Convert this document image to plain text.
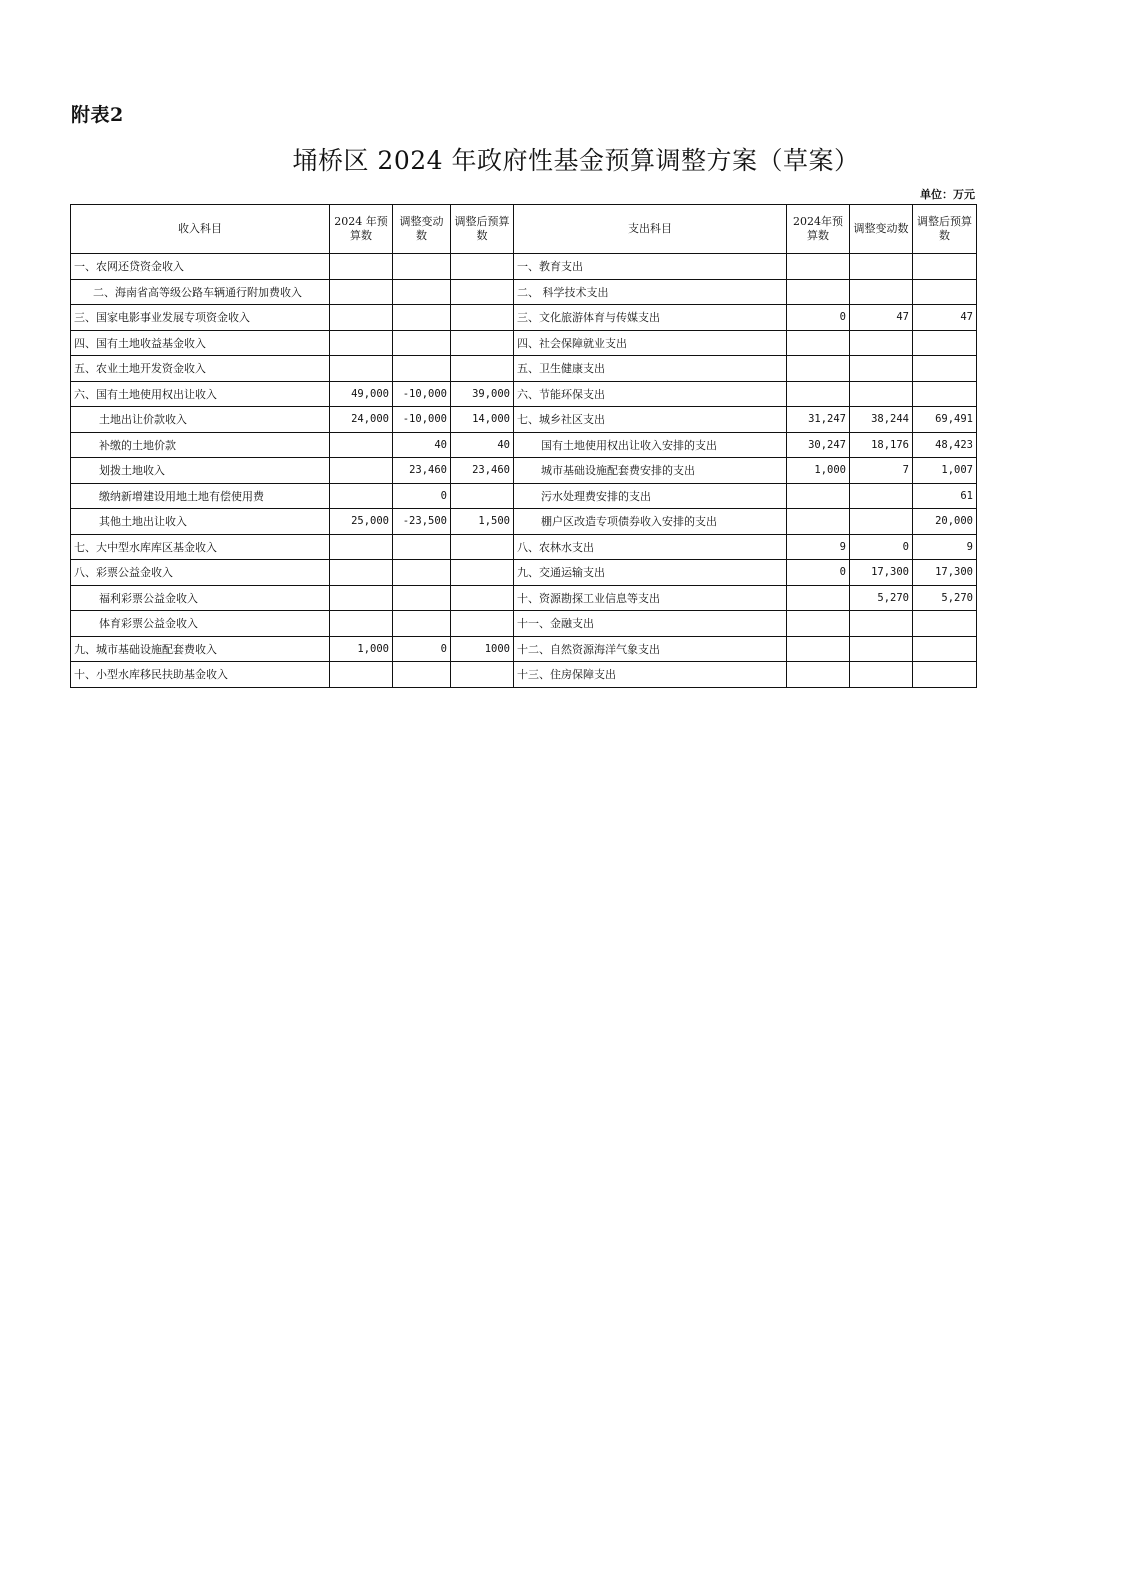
附表2
埇桥区 2024 年政府性基金预算调整方案（草案）
单位：万元
收入科目	2024 年预算数	调整变动数	调整后预算数	支出科目	2024年预算数	调整变动数	调整后预算数
一、农网还贷资金收入				一、教育支出			
二、海南省高等级公路车辆通行附加费收入				二、 科学技术支出			
三、国家电影事业发展专项资金收入				三、文化旅游体育与传媒支出	0	47	47
四、国有土地收益基金收入				四、社会保障就业支出			
五、农业土地开发资金收入				五、卫生健康支出			
六、国有土地使用权出让收入	49,000	-10,000	39,000	六、节能环保支出			
土地出让价款收入	24,000	-10,000	14,000	七、城乡社区支出	31,247	38,244	69,491
补缴的土地价款		40	40	国有土地使用权出让收入安排的支出	30,247	18,176	48,423
划拨土地收入		23,460	23,460	城市基础设施配套费安排的支出	1,000	7	1,007
缴纳新增建设用地土地有偿使用费		0		污水处理费安排的支出			61
其他土地出让收入	25,000	-23,500	1,500	棚户区改造专项债券收入安排的支出			20,000
七、大中型水库库区基金收入				八、农林水支出	9	0	9
八、彩票公益金收入				九、交通运输支出	0	17,300	17,300
福利彩票公益金收入				十、资源勘探工业信息等支出		5,270	5,270
体育彩票公益金收入				十一、金融支出			
九、城市基础设施配套费收入	1,000	0	1000	十二、自然资源海洋气象支出			
十、小型水库移民扶助基金收入				十三、住房保障支出			
